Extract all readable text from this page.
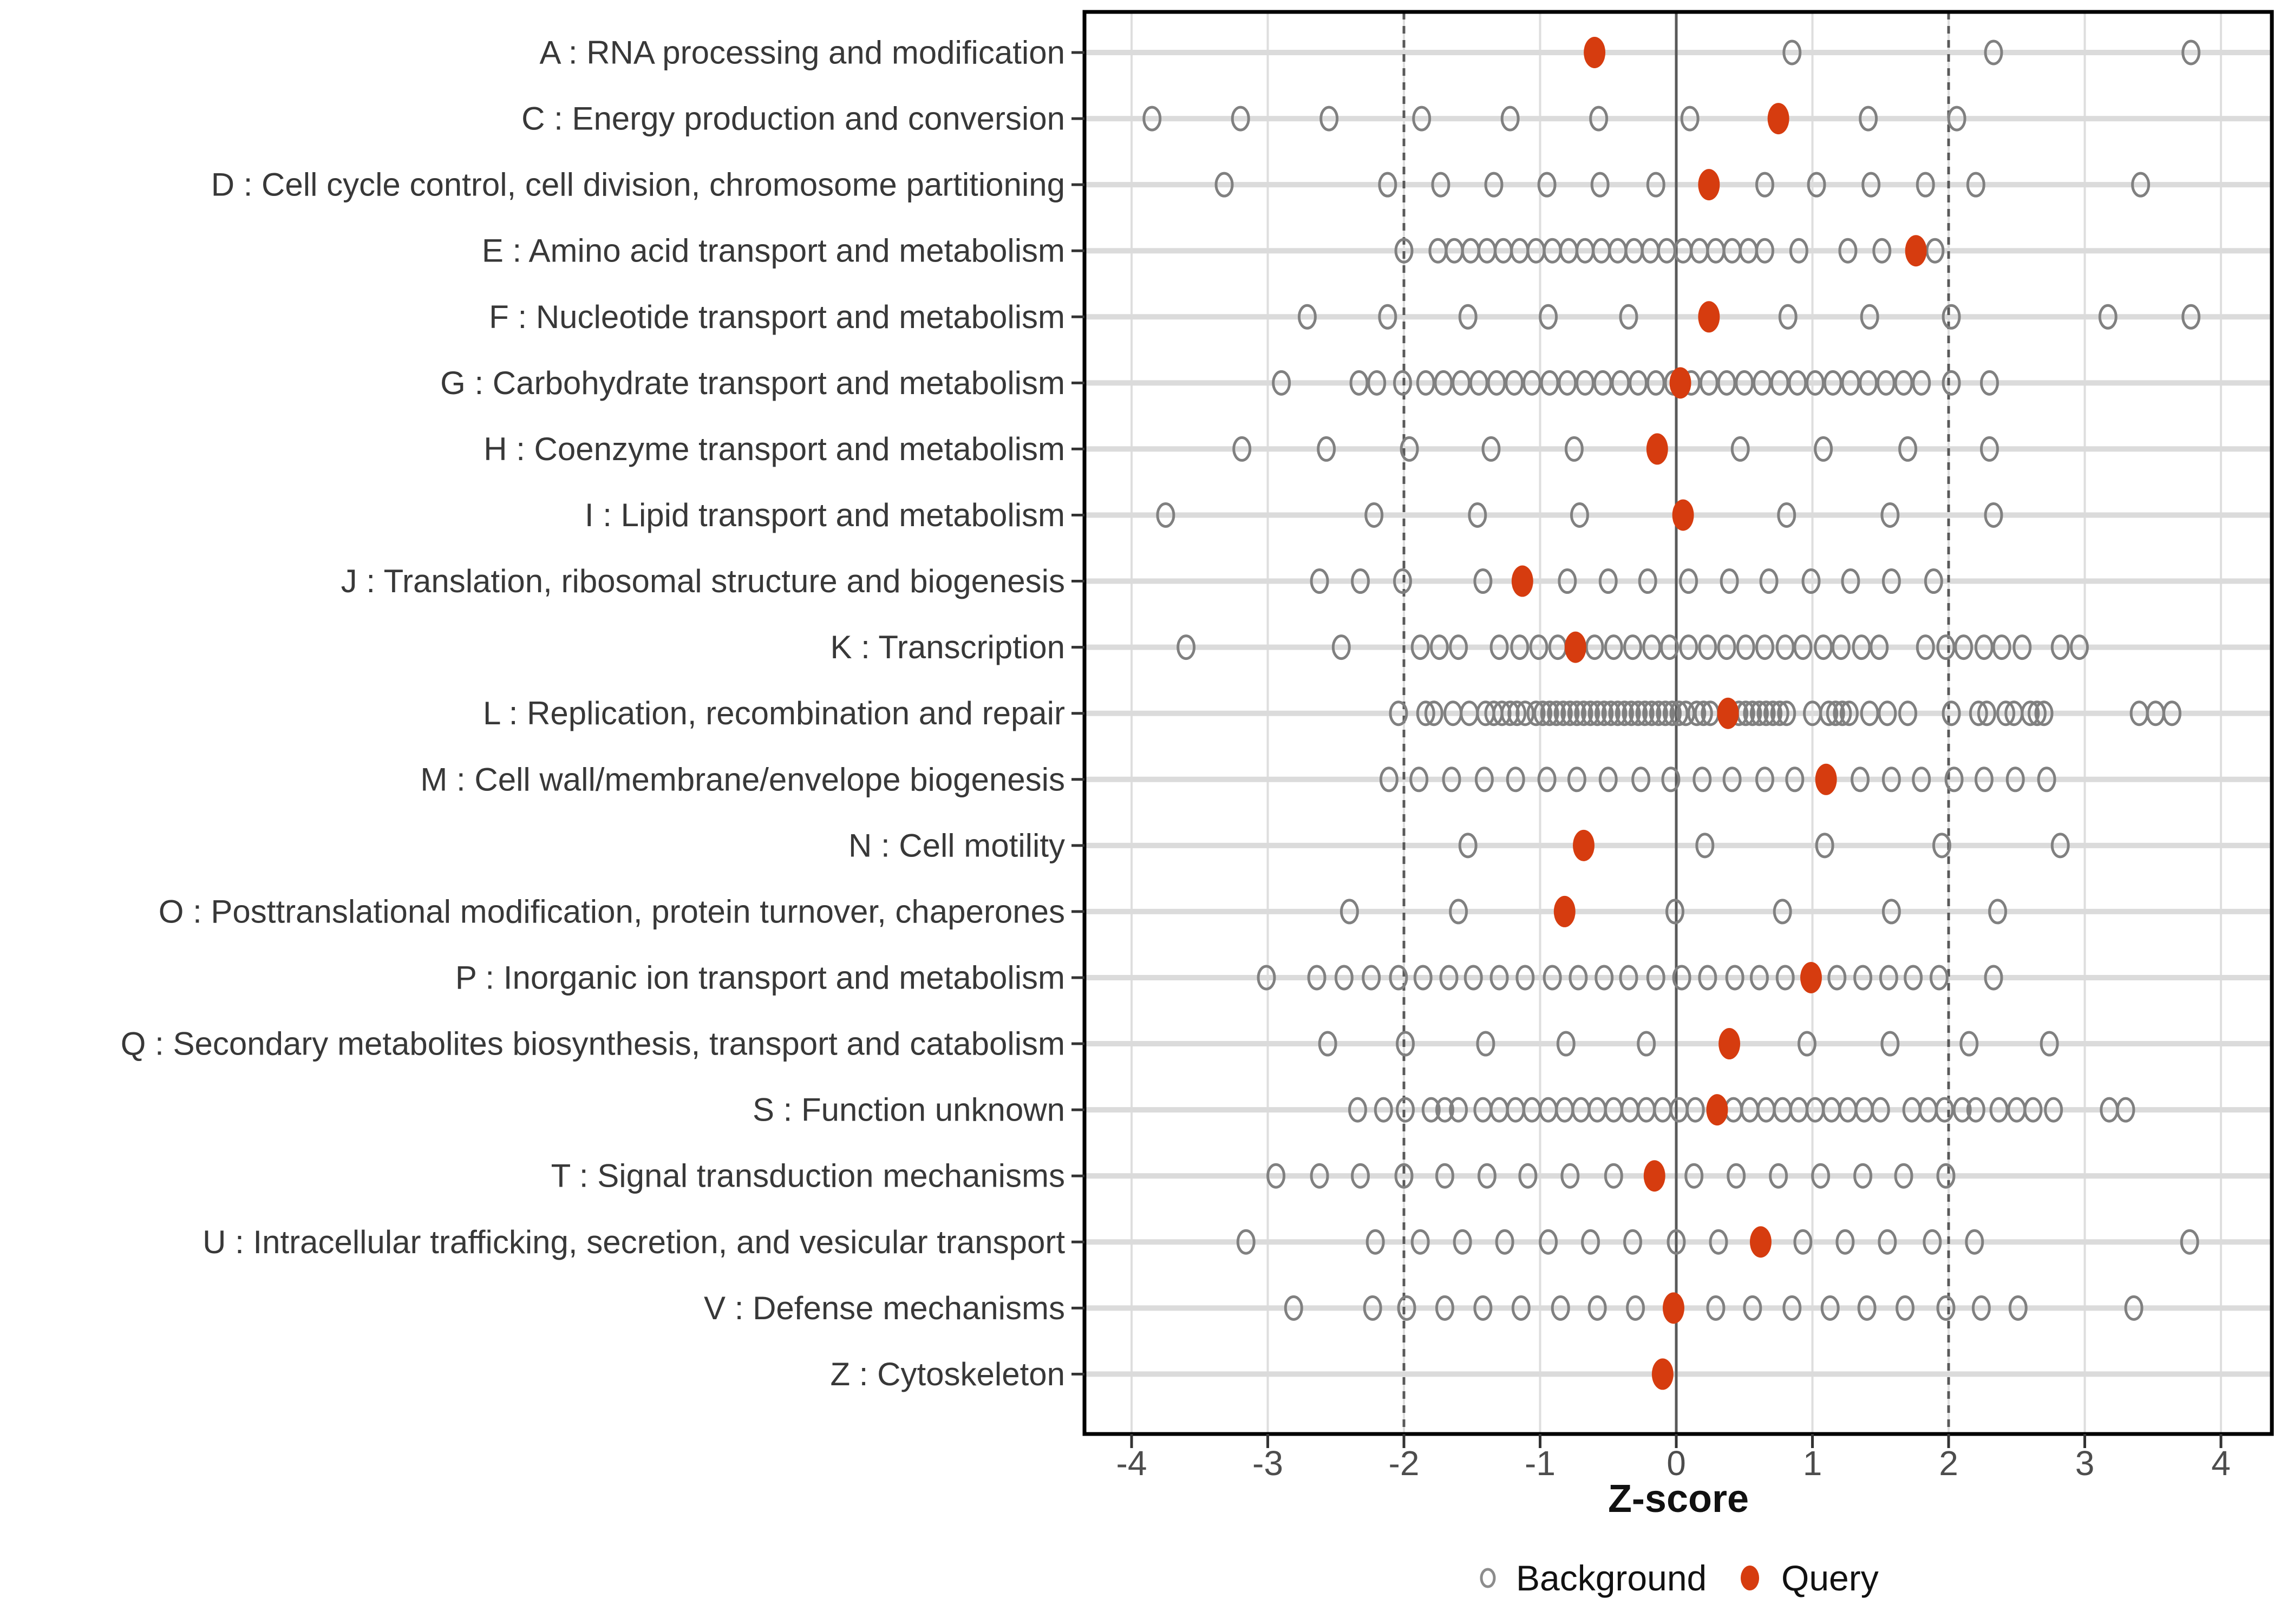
-4	-3	-2	-1	0	1	2	3	4
A : RNA processing and modification
C : Energy production and conversion
D : Cell cycle control, cell division, chromosome partitioning
E : Amino acid transport and metabolism
F : Nucleotide transport and metabolism
G : Carbohydrate transport and metabolism
H : Coenzyme transport and metabolism
I : Lipid transport and metabolism
J : Translation, ribosomal structure and biogenesis
K : Transcription
L : Replication, recombination and repair
M : Cell wall/membrane/envelope biogenesis
N : Cell motility
O : Posttranslational modification, protein turnover, chaperones
P : Inorganic ion transport and metabolism
Q : Secondary metabolites biosynthesis, transport and catabolism
S : Function unknown
T : Signal transduction mechanisms
U : Intracellular trafficking, secretion, and vesicular transport
V : Defense mechanisms
Z : Cytoskeleton
Z-score
Background Query
